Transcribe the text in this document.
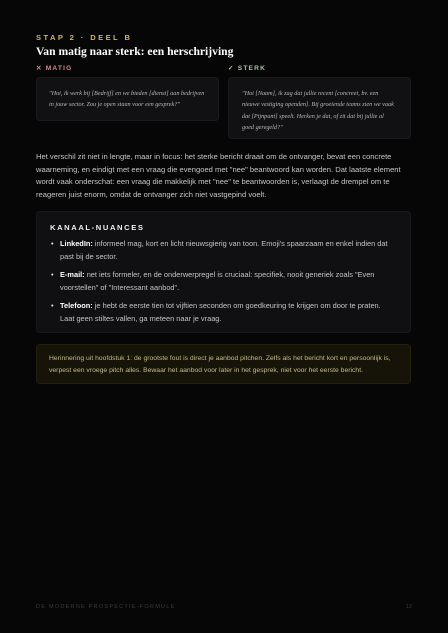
STAP 2 · DEEL B
Van matig naar sterk: een herschrijving
✕ MATIG	✓ STERK
"Hoi, ik werk bij [Bedrijf] en we bieden [dienst] aan bedrijven in jouw sector. Zou je open staan voor een gesprek?"
"Hoi [Naam], ik zag dat jullie recent [concreet, bv. een nieuwe vestiging openden]. Bij groeiende teams zien we vaak dat [Pijnpunt] speelt. Herken je dat, of zit dat bij jullie al goed geregeld?"

Het verschil zit niet in lengte, maar in focus: het sterke bericht draait om de ontvanger, bevat een concrete waarneming, en eindigt met een vraag die evengoed met "nee" beantwoord kan worden. Dat laatste element wordt vaak onderschat: een vraag die makkelijk met "nee" te beantwoorden is, verlaagt de drempel om te reageren juist enorm, omdat de ontvanger zich niet vastgepind voelt.

KANAAL-NUANCES
• LinkedIn: informeel mag, kort en licht nieuwsgierig van toon. Emoji's spaarzaam en enkel indien dat past bij de sector.
• E-mail: net iets formeler, en de onderwerpregel is cruciaal: specifiek, nooit generiek zoals "Even voorstellen" of "Interessant aanbod".
• Telefoon: je hebt de eerste tien tot vijftien seconden om goedkeuring te krijgen om door te praten. Laat geen stiltes vallen, ga meteen naar je vraag.
Herinnering uit hoofdstuk 1: de grootste fout is direct je aanbod pitchen. Zelfs als het bericht kort en persoonlijk is, verpest een vroege pitch alles. Bewaar het aanbod voor later in het gesprek, niet voor het eerste bericht.
DE MODERNE PROSPECTIE-FORMULE	12
